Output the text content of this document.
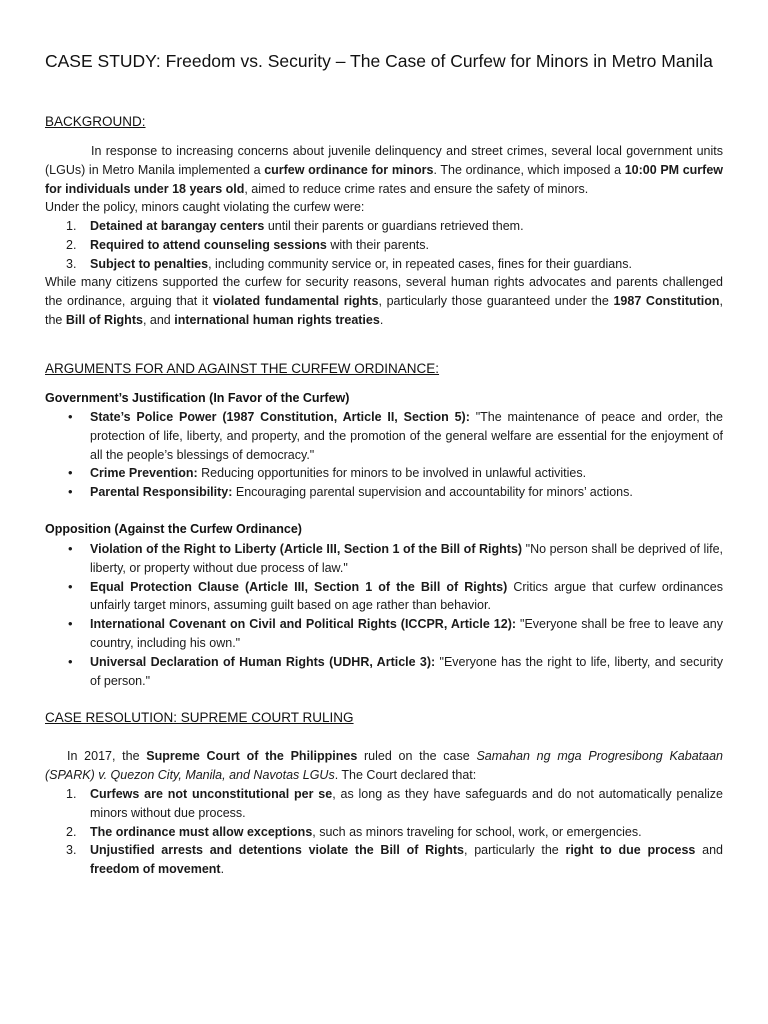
CASE STUDY: Freedom vs. Security – The Case of Curfew for Minors in Metro Manila
BACKGROUND:

In response to increasing concerns about juvenile delinquency and street crimes, several local government units (LGUs) in Metro Manila implemented a curfew ordinance for minors. The ordinance, which imposed a 10:00 PM curfew for individuals under 18 years old, aimed to reduce crime rates and ensure the safety of minors.

Under the policy, minors caught violating the curfew were:

1. Detained at barangay centers until their parents or guardians retrieved them.
2. Required to attend counseling sessions with their parents.
3. Subject to penalties, including community service or, in repeated cases, fines for their guardians.

While many citizens supported the curfew for security reasons, several human rights advocates and parents challenged the ordinance, arguing that it violated fundamental rights, particularly those guaranteed under the 1987 Constitution, the Bill of Rights, and international human rights treaties.

ARGUMENTS FOR AND AGAINST THE CURFEW ORDINANCE:
Government’s Justification (In Favor of the Curfew)
• State’s Police Power (1987 Constitution, Article II, Section 5): "The maintenance of peace and order, the protection of life, liberty, and property, and the promotion of the general welfare are essential for the enjoyment of all the people’s blessings of democracy."
• Crime Prevention: Reducing opportunities for minors to be involved in unlawful activities.
• Parental Responsibility: Encouraging parental supervision and accountability for minors’ actions.
Opposition (Against the Curfew Ordinance)
• Violation of the Right to Liberty (Article III, Section 1 of the Bill of Rights) "No person shall be deprived of life, liberty, or property without due process of law."
• Equal Protection Clause (Article III, Section 1 of the Bill of Rights) Critics argue that curfew ordinances unfairly target minors, assuming guilt based on age rather than behavior.
• International Covenant on Civil and Political Rights (ICCPR, Article 12): "Everyone shall be free to leave any country, including his own."
• Universal Declaration of Human Rights (UDHR, Article 3): "Everyone has the right to life, liberty, and security of person."
CASE RESOLUTION: SUPREME COURT RULING

In 2017, the Supreme Court of the Philippines ruled on the case Samahan ng mga Progresibong Kabataan (SPARK) v. Quezon City, Manila, and Navotas LGUs. The Court declared that:

1. Curfews are not unconstitutional per se, as long as they have safeguards and do not automatically penalize minors without due process.
2. The ordinance must allow exceptions, such as minors traveling for school, work, or emergencies.
3. Unjustified arrests and detentions violate the Bill of Rights, particularly the right to due process and freedom of movement.
